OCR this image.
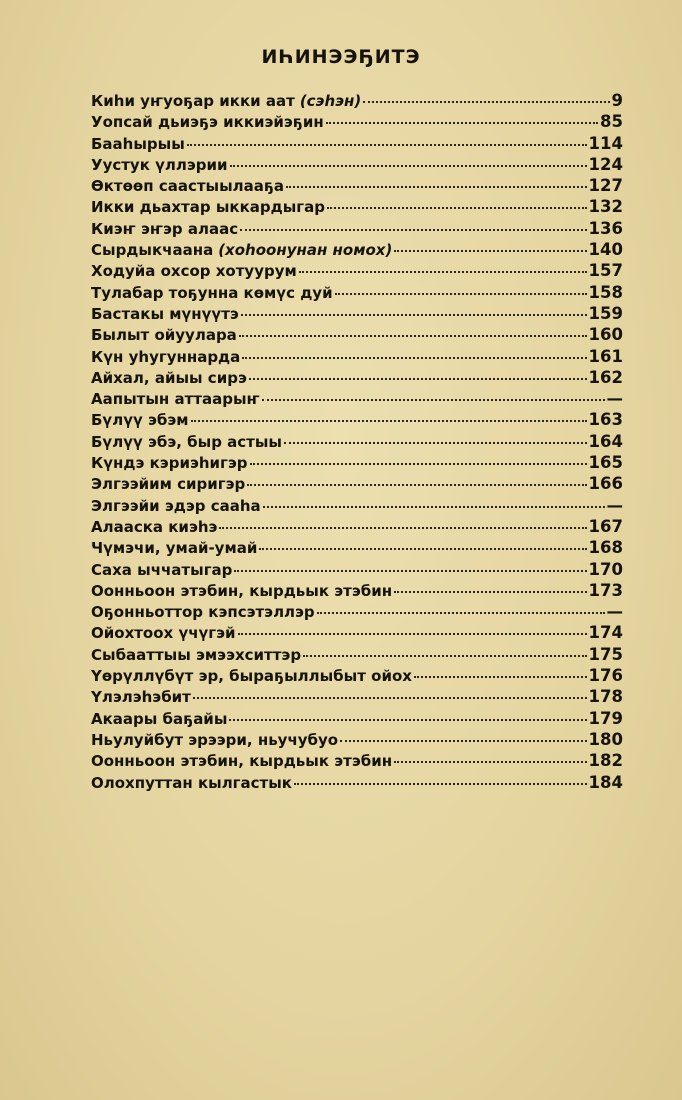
ИҺИНЭЭҔИТЭ
Киһи уҥуоҕар икки аат (сэһэн)	9
Уопсай дьиэҕэ иккиэйэҕин	85
Бааһырыы	114
Уустук үллэрии	124
Өктөөп саастыылааҕа	127
Икки дьахтар ыккардыгар	132
Киэҥ эҥэр алаас	136
Сырдыкчаана (хоһоонунан номох)	140
Ходуйа охсор хотуурум	157
Тулабар тоҕунна көмүс дуй	158
Бастакы мүнүүтэ	159
Былыт ойуулара	160
Күн уһугуннарда	161
Айхал, айыы сирэ	162
Аапытын аттаарыҥ	—
Бүлүү эбэм	163
Бүлүү эбэ, быр астыы	164
Күндэ кэриэһигэр	165
Элгээйим сиригэр	166
Элгээйи эдэр сааһа	—
Алааска киэһэ	167
Чүмэчи, умай-умай	168
Саха ыччатыгар	170
Оонньоон этэбин, кырдьык этэбин	173
Оҕонньоттор кэпсэтэллэр	—
Ойохтоох үчүгэй	174
Сыбааттыы эмээхситтэр	175
Үөрүллүбүт эр, быраҕыллыбыт ойох	176
Үлэлэһэбит	178
Акаары баҕайы	179
Ньулуйбут эрээри, ньучубуо	180
Оонньоон этэбин, кырдьык этэбин	182
Олохпуттан кылгастык	184
